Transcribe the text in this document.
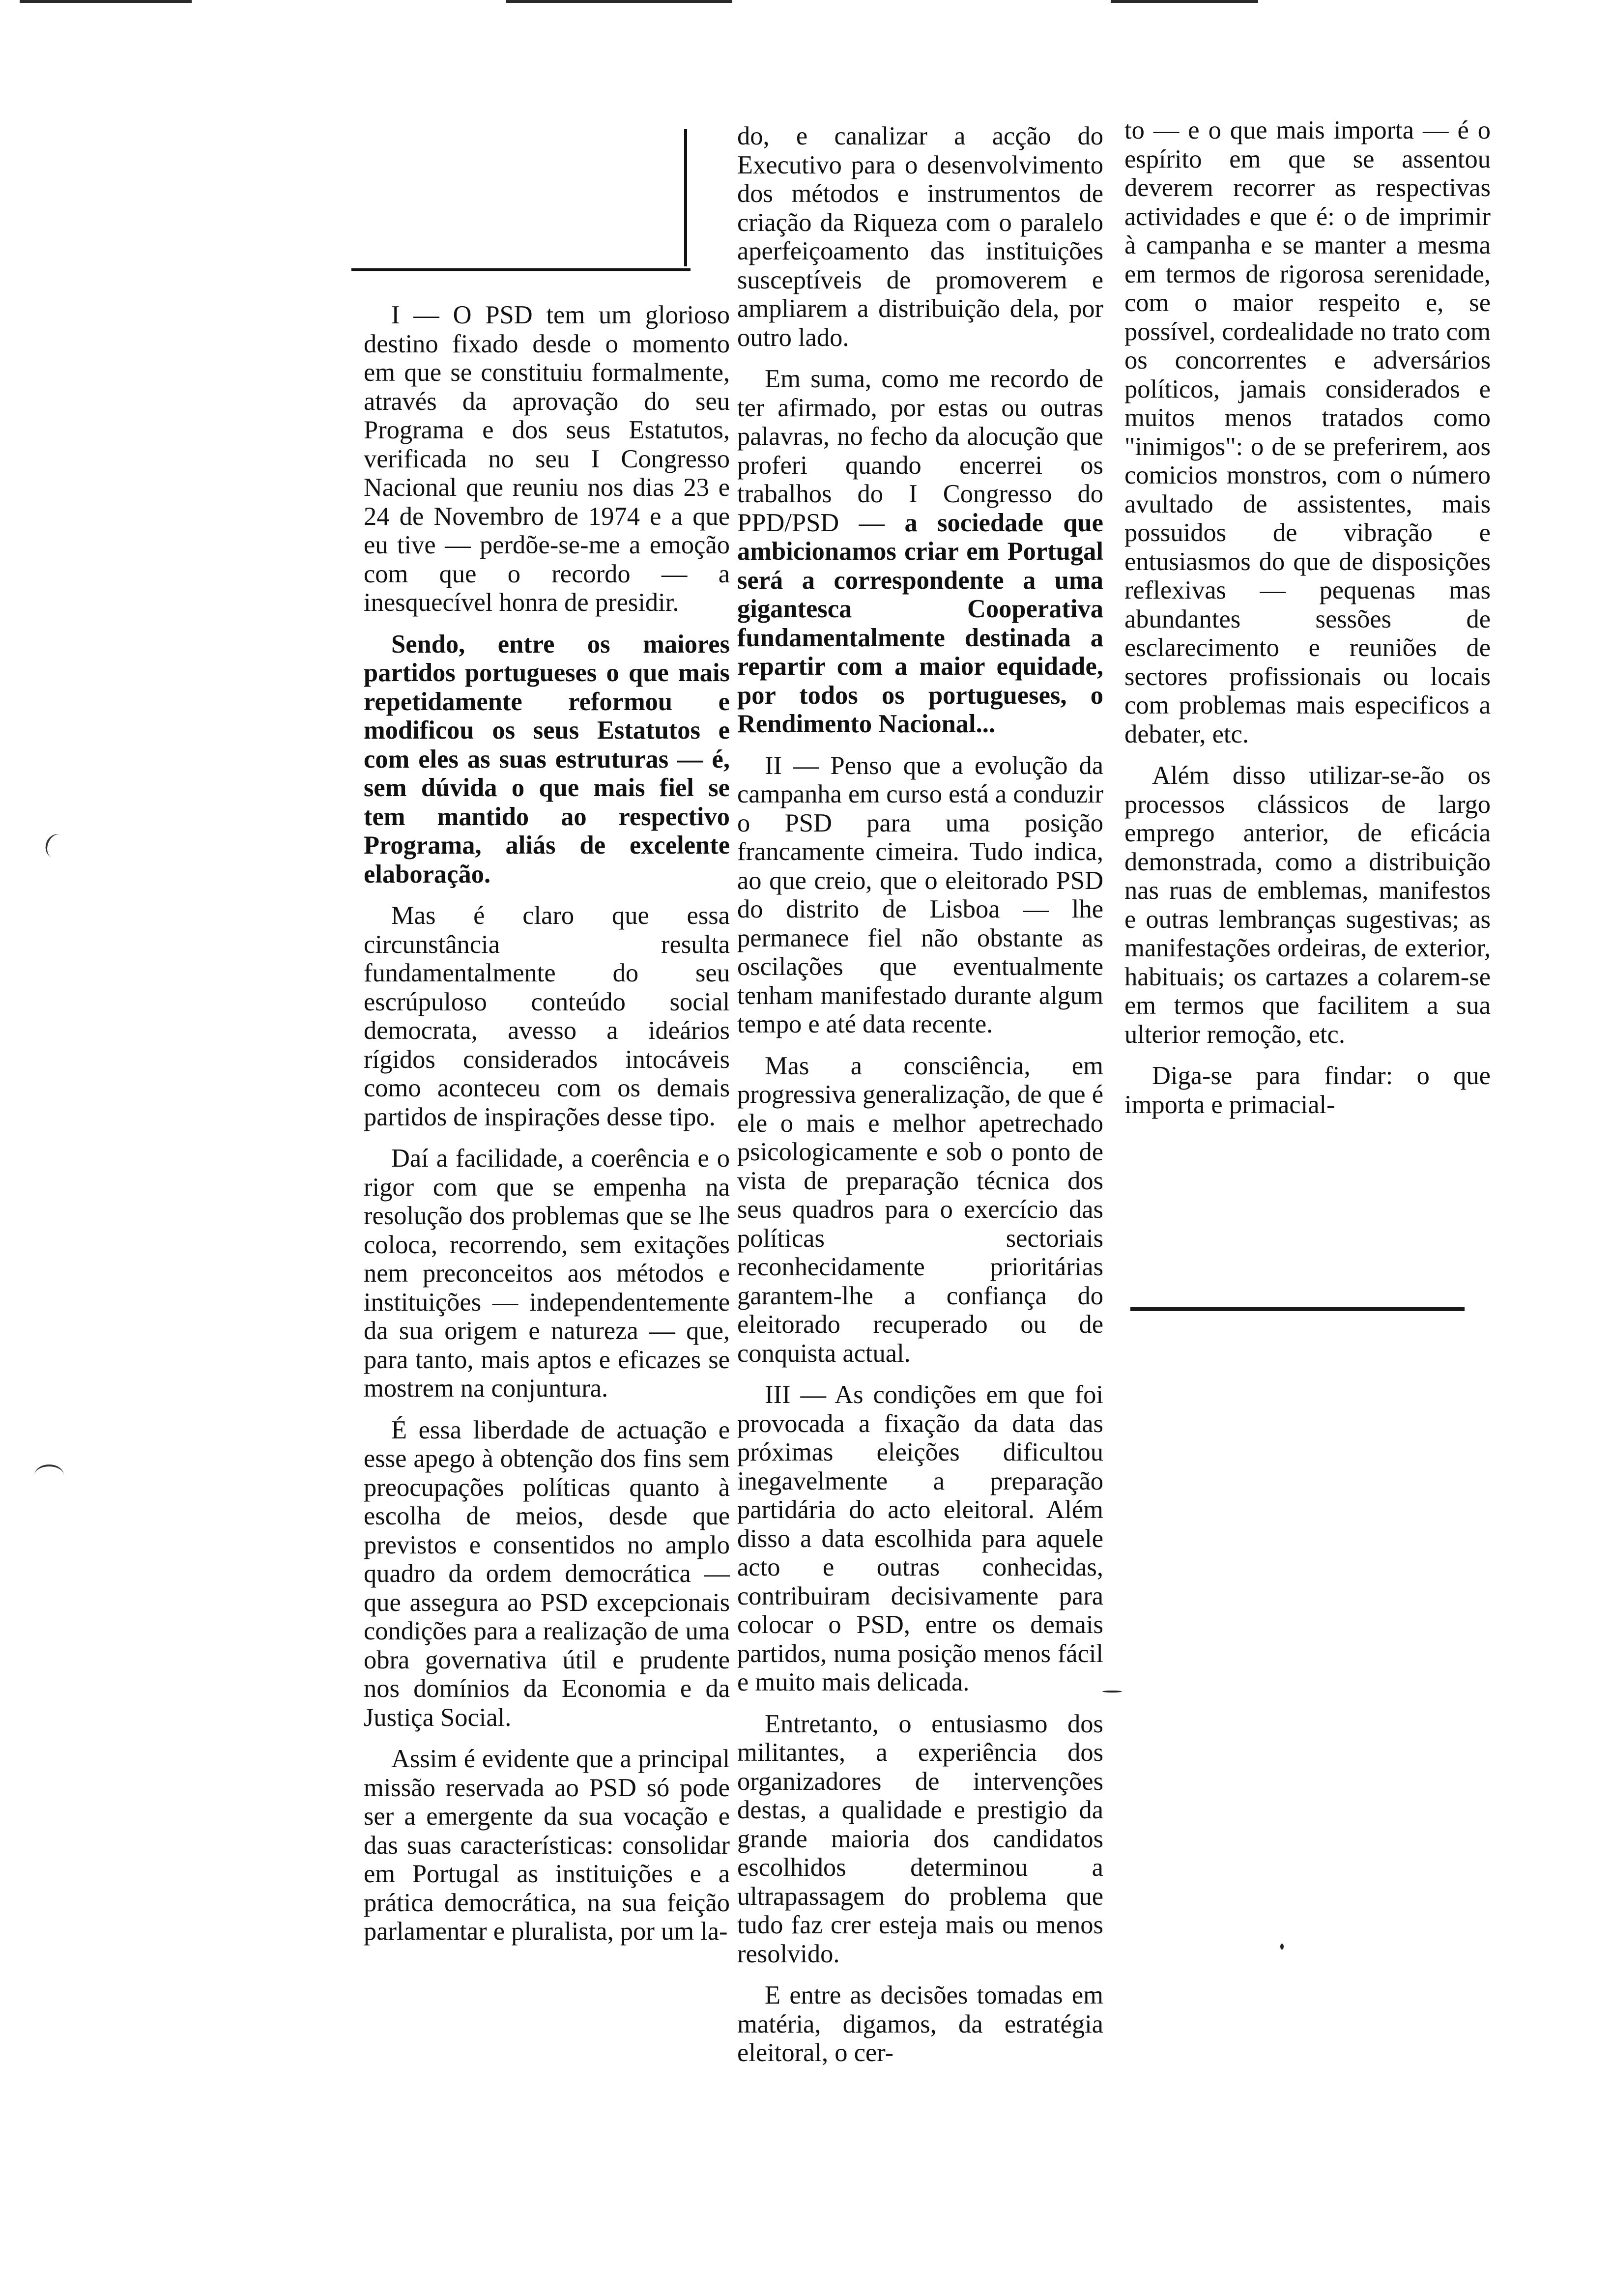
I — O PSD tem um glorioso destino fixado desde o momento em que se constituiu formalmente, através da aprovação do seu Programa e dos seus Estatutos, verificada no seu I Congresso Nacional que reuniu nos dias 23 e 24 de Novembro de 1974 e a que eu tive — perdõe-se-me a emoção com que o recordo — a inesquecível honra de presidir.

Sendo, entre os maiores partidos portugueses o que mais repetidamente reformou e modificou os seus Estatutos e com eles as suas estruturas — é, sem dúvida o que mais fiel se tem mantido ao respectivo Programa, aliás de excelente elaboração.

Mas é claro que essa circunstância resulta fundamentalmente do seu escrúpuloso conteúdo social democrata, avesso a ideários rígidos considerados intocáveis como aconteceu com os demais partidos de inspirações desse tipo.

Daí a facilidade, a coerência e o rigor com que se empenha na resolução dos problemas que se lhe coloca, recorrendo, sem exitações nem preconceitos aos métodos e instituições — independentemente da sua origem e natureza — que, para tanto, mais aptos e eficazes se mostrem na conjuntura.

É essa liberdade de actuação e esse apego à obtenção dos fins sem preocupações políticas quanto à escolha de meios, desde que previstos e consentidos no amplo quadro da ordem democrática — que assegura ao PSD excepcionais condições para a realização de uma obra governativa útil e prudente nos domínios da Economia e da Justiça Social.

Assim é evidente que a principal missão reservada ao PSD só pode ser a emergente da sua vocação e das suas características: consolidar em Portugal as instituições e a prática democrática, na sua feição parlamentar e pluralista, por um la-

do, e canalizar a acção do Executivo para o desenvolvimento dos métodos e instrumentos de criação da Riqueza com o paralelo aperfeiçoamento das instituições susceptíveis de promoverem e ampliarem a distribuição dela, por outro lado.

Em suma, como me recordo de ter afirmado, por estas ou outras palavras, no fecho da alocução que proferi quando encerrei os trabalhos do I Congresso do PPD/PSD — a sociedade que ambicionamos criar em Portugal será a correspondente a uma gigantesca Cooperativa fundamentalmente destinada a repartir com a maior equidade, por todos os portugueses, o Rendimento Nacional...

II — Penso que a evolução da campanha em curso está a conduzir o PSD para uma posição francamente cimeira. Tudo indica, ao que creio, que o eleitorado PSD do distrito de Lisboa — lhe permanece fiel não obstante as oscilações que eventualmente tenham manifestado durante algum tempo e até data recente.

Mas a consciência, em progressiva generalização, de que é ele o mais e melhor apetrechado psicologicamente e sob o ponto de vista de preparação técnica dos seus quadros para o exercício das políticas sectoriais reconhecidamente prioritárias garantem-lhe a confiança do eleitorado recuperado ou de conquista actual.

III — As condições em que foi provocada a fixação da data das próximas eleições dificultou inegavelmente a preparação partidária do acto eleitoral. Além disso a data escolhida para aquele acto e outras conhecidas, contribuiram decisivamente para colocar o PSD, entre os demais partidos, numa posição menos fácil e muito mais delicada.

Entretanto, o entusiasmo dos militantes, a experiência dos organizadores de intervenções destas, a qualidade e prestigio da grande maioria dos candidatos escolhidos determinou a ultrapassagem do problema que tudo faz crer esteja mais ou menos resolvido.

E entre as decisões tomadas em matéria, digamos, da estratégia eleitoral, o cer-

to — e o que mais importa — é o espírito em que se assentou deverem recorrer as respectivas actividades e que é: o de imprimir à campanha e se manter a mesma em termos de rigorosa serenidade, com o maior respeito e, se possível, cordealidade no trato com os concorrentes e adversários políticos, jamais considerados e muitos menos tratados como "inimigos": o de se preferirem, aos comicios monstros, com o número avultado de assistentes, mais possuidos de vibração e entusiasmos do que de disposições reflexivas — pequenas mas abundantes sessões de esclarecimento e reuniões de sectores profissionais ou locais com problemas mais especificos a debater, etc.

Além disso utilizar-se-ão os processos clássicos de largo emprego anterior, de eficácia demonstrada, como a distribuição nas ruas de emblemas, manifestos e outras lembranças sugestivas; as manifestações ordeiras, de exterior, habituais; os cartazes a colarem-se em termos que facilitem a sua ulterior remoção, etc.

Diga-se para findar: o que importa e primacial-
